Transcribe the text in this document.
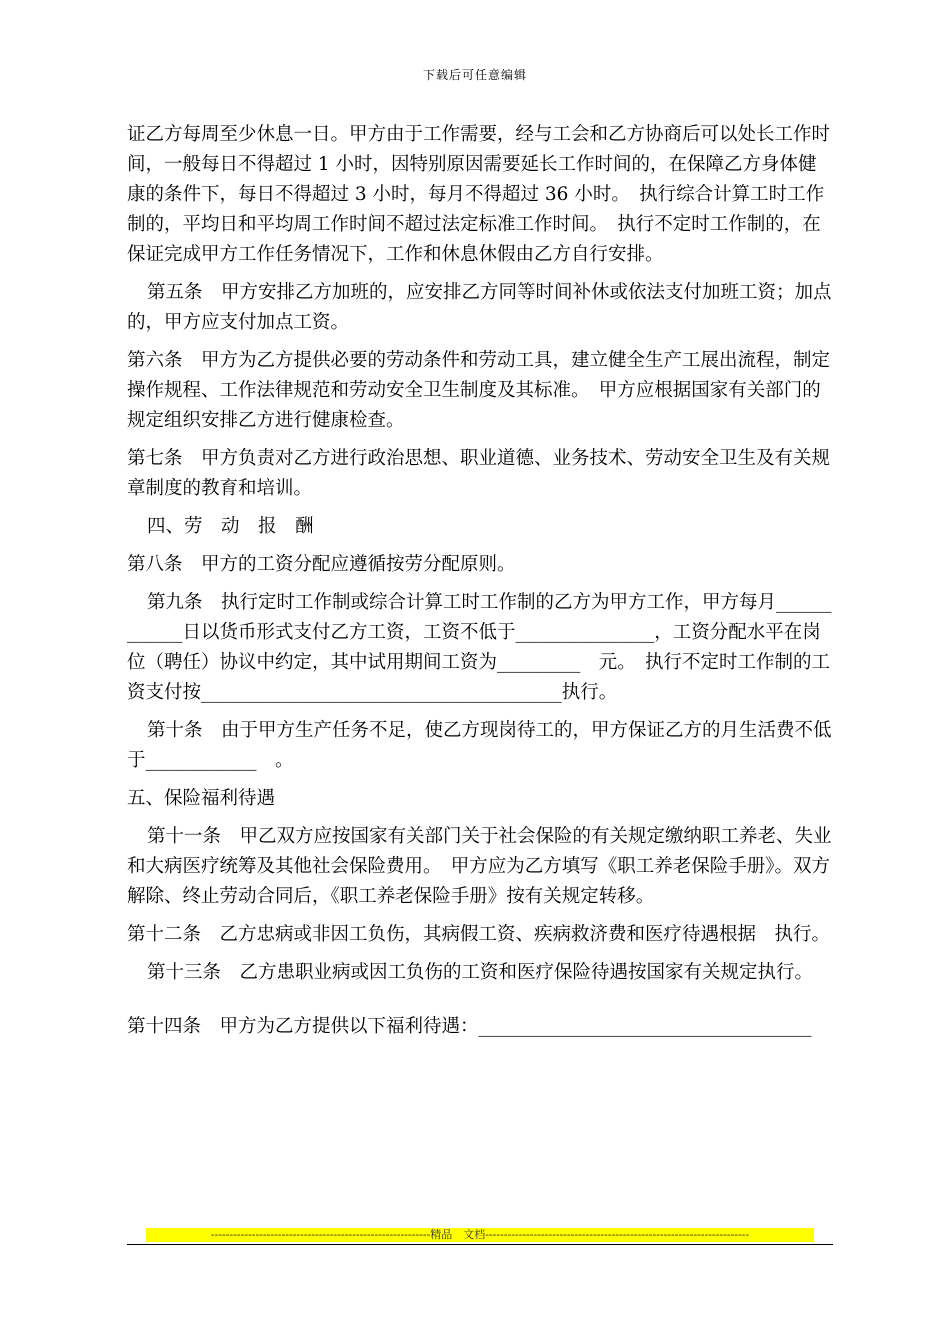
下载后可任意编辑

证乙方每周至少休息一日。甲方由于工作需要，经与工会和乙方协商后可以处长工作时间，一般每日不得超过 1 小时，因特别原因需要延长工作时间的，在保障乙方身体健康的条件下，每日不得超过 3 小时，每月不得超过 36 小时。　执行综合计算工时工作制的，平均日和平均周工作时间不超过法定标准工作时间。　执行不定时工作制的，在保证完成甲方工作任务情况下，工作和休息休假由乙方自行安排。

第五条　甲方安排乙方加班的，应安排乙方同等时间补休或依法支付加班工资；加点的，甲方应支付加点工资。

第六条　甲方为乙方提供必要的劳动条件和劳动工具，建立健全生产工展出流程，制定操作规程、工作法律规范和劳动安全卫生制度及其标准。　甲方应根据国家有关部门的规定组织安排乙方进行健康检查。

第七条　甲方负责对乙方进行政治思想、职业道德、业务技术、劳动安全卫生及有关规章制度的教育和培训。

四、劳　动　报　酬

第八条　甲方的工资分配应遵循按劳分配原则。

第九条　执行定时工作制或综合计算工时工作制的乙方为甲方工作，甲方每月____________日以货币形式支付乙方工资，工资不低于_______________，工资分配水平在岗位（聘任）协议中约定，其中试用期间工资为_________　元。　执行不定时工作制的工资支付按_______________________________________执行。

第十条　由于甲方生产任务不足，使乙方现岗待工的，甲方保证乙方的月生活费不低于____________　。

五、保险福利待遇

第十一条　甲乙双方应按国家有关部门关于社会保险的有关规定缴纳职工养老、失业和大病医疗统筹及其他社会保险费用。　甲方应为乙方填写《职工养老保险手册》。双方解除、终止劳动合同后，《职工养老保险手册》按有关规定转移。

第十二条　乙方忠病或非因工负伤，其病假工资、疾病救济费和医疗待遇根据　执行。

第十三条　乙方患职业病或因工负伤的工资和医疗保险待遇按国家有关规定执行。

第十四条　甲方为乙方提供以下福利待遇：____________________________________

-----------------------------------------------------------精品　文档-----------------------------------------------------------------------
